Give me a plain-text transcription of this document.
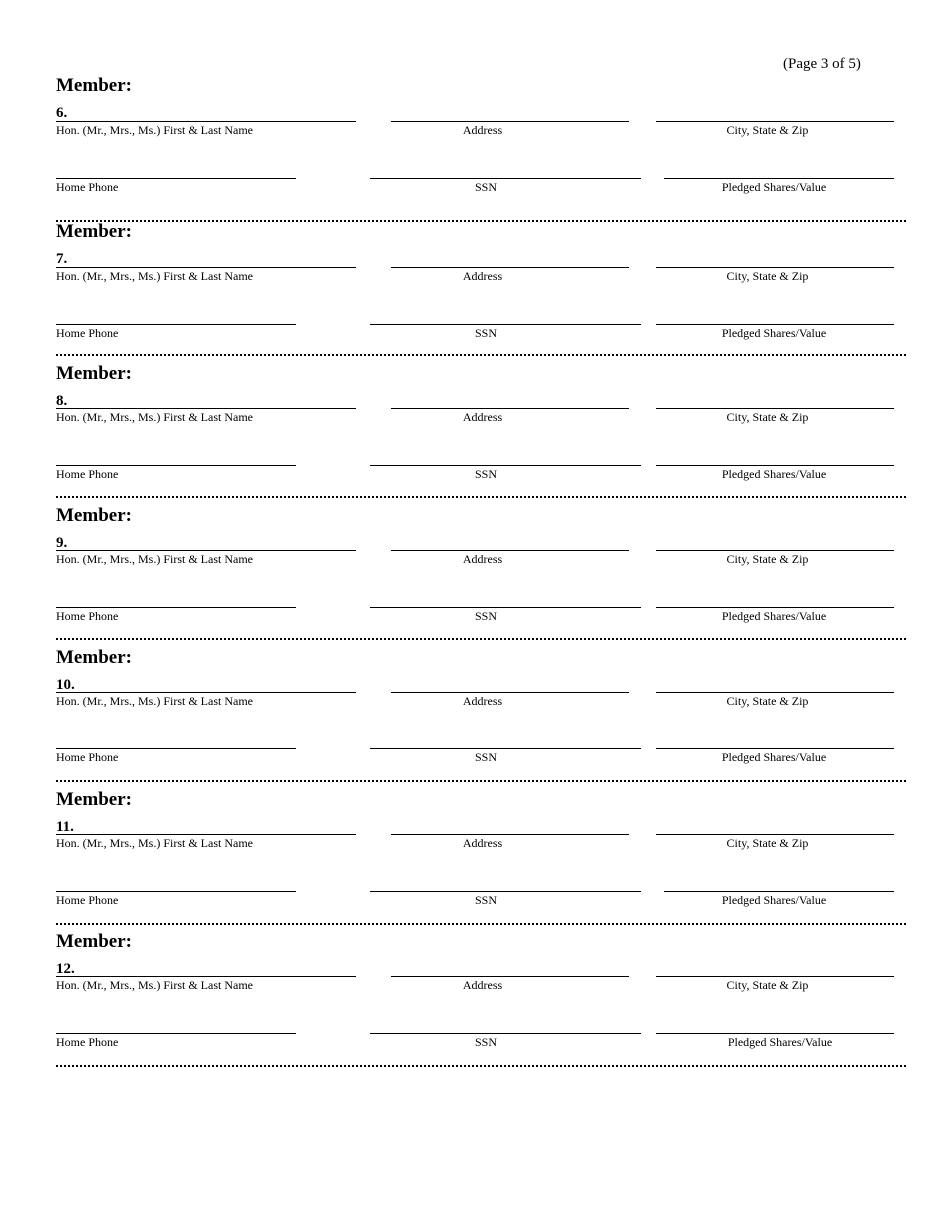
(Page 3 of 5)
Member:
6.
Hon. (Mr., Mrs., Ms.) First & Last Name	Address	City, State & Zip
Home Phone	SSN	Pledged Shares/Value
Member:
7.
Hon. (Mr., Mrs., Ms.) First & Last Name	Address	City, State & Zip
Home Phone	SSN	Pledged Shares/Value
Member:
8.
Hon. (Mr., Mrs., Ms.) First & Last Name	Address	City, State & Zip
Home Phone	SSN	Pledged Shares/Value
Member:
9.
Hon. (Mr., Mrs., Ms.) First & Last Name	Address	City, State & Zip
Home Phone	SSN	Pledged Shares/Value
Member:
10.
Hon. (Mr., Mrs., Ms.) First & Last Name	Address	City, State & Zip
Home Phone	SSN	Pledged Shares/Value
Member:
11.
Hon. (Mr., Mrs., Ms.) First & Last Name	Address	City, State & Zip
Home Phone	SSN	Pledged Shares/Value
Member:
12.
Hon. (Mr., Mrs., Ms.) First & Last Name	Address	City, State & Zip
Home Phone	SSN	Pledged Shares/Value
